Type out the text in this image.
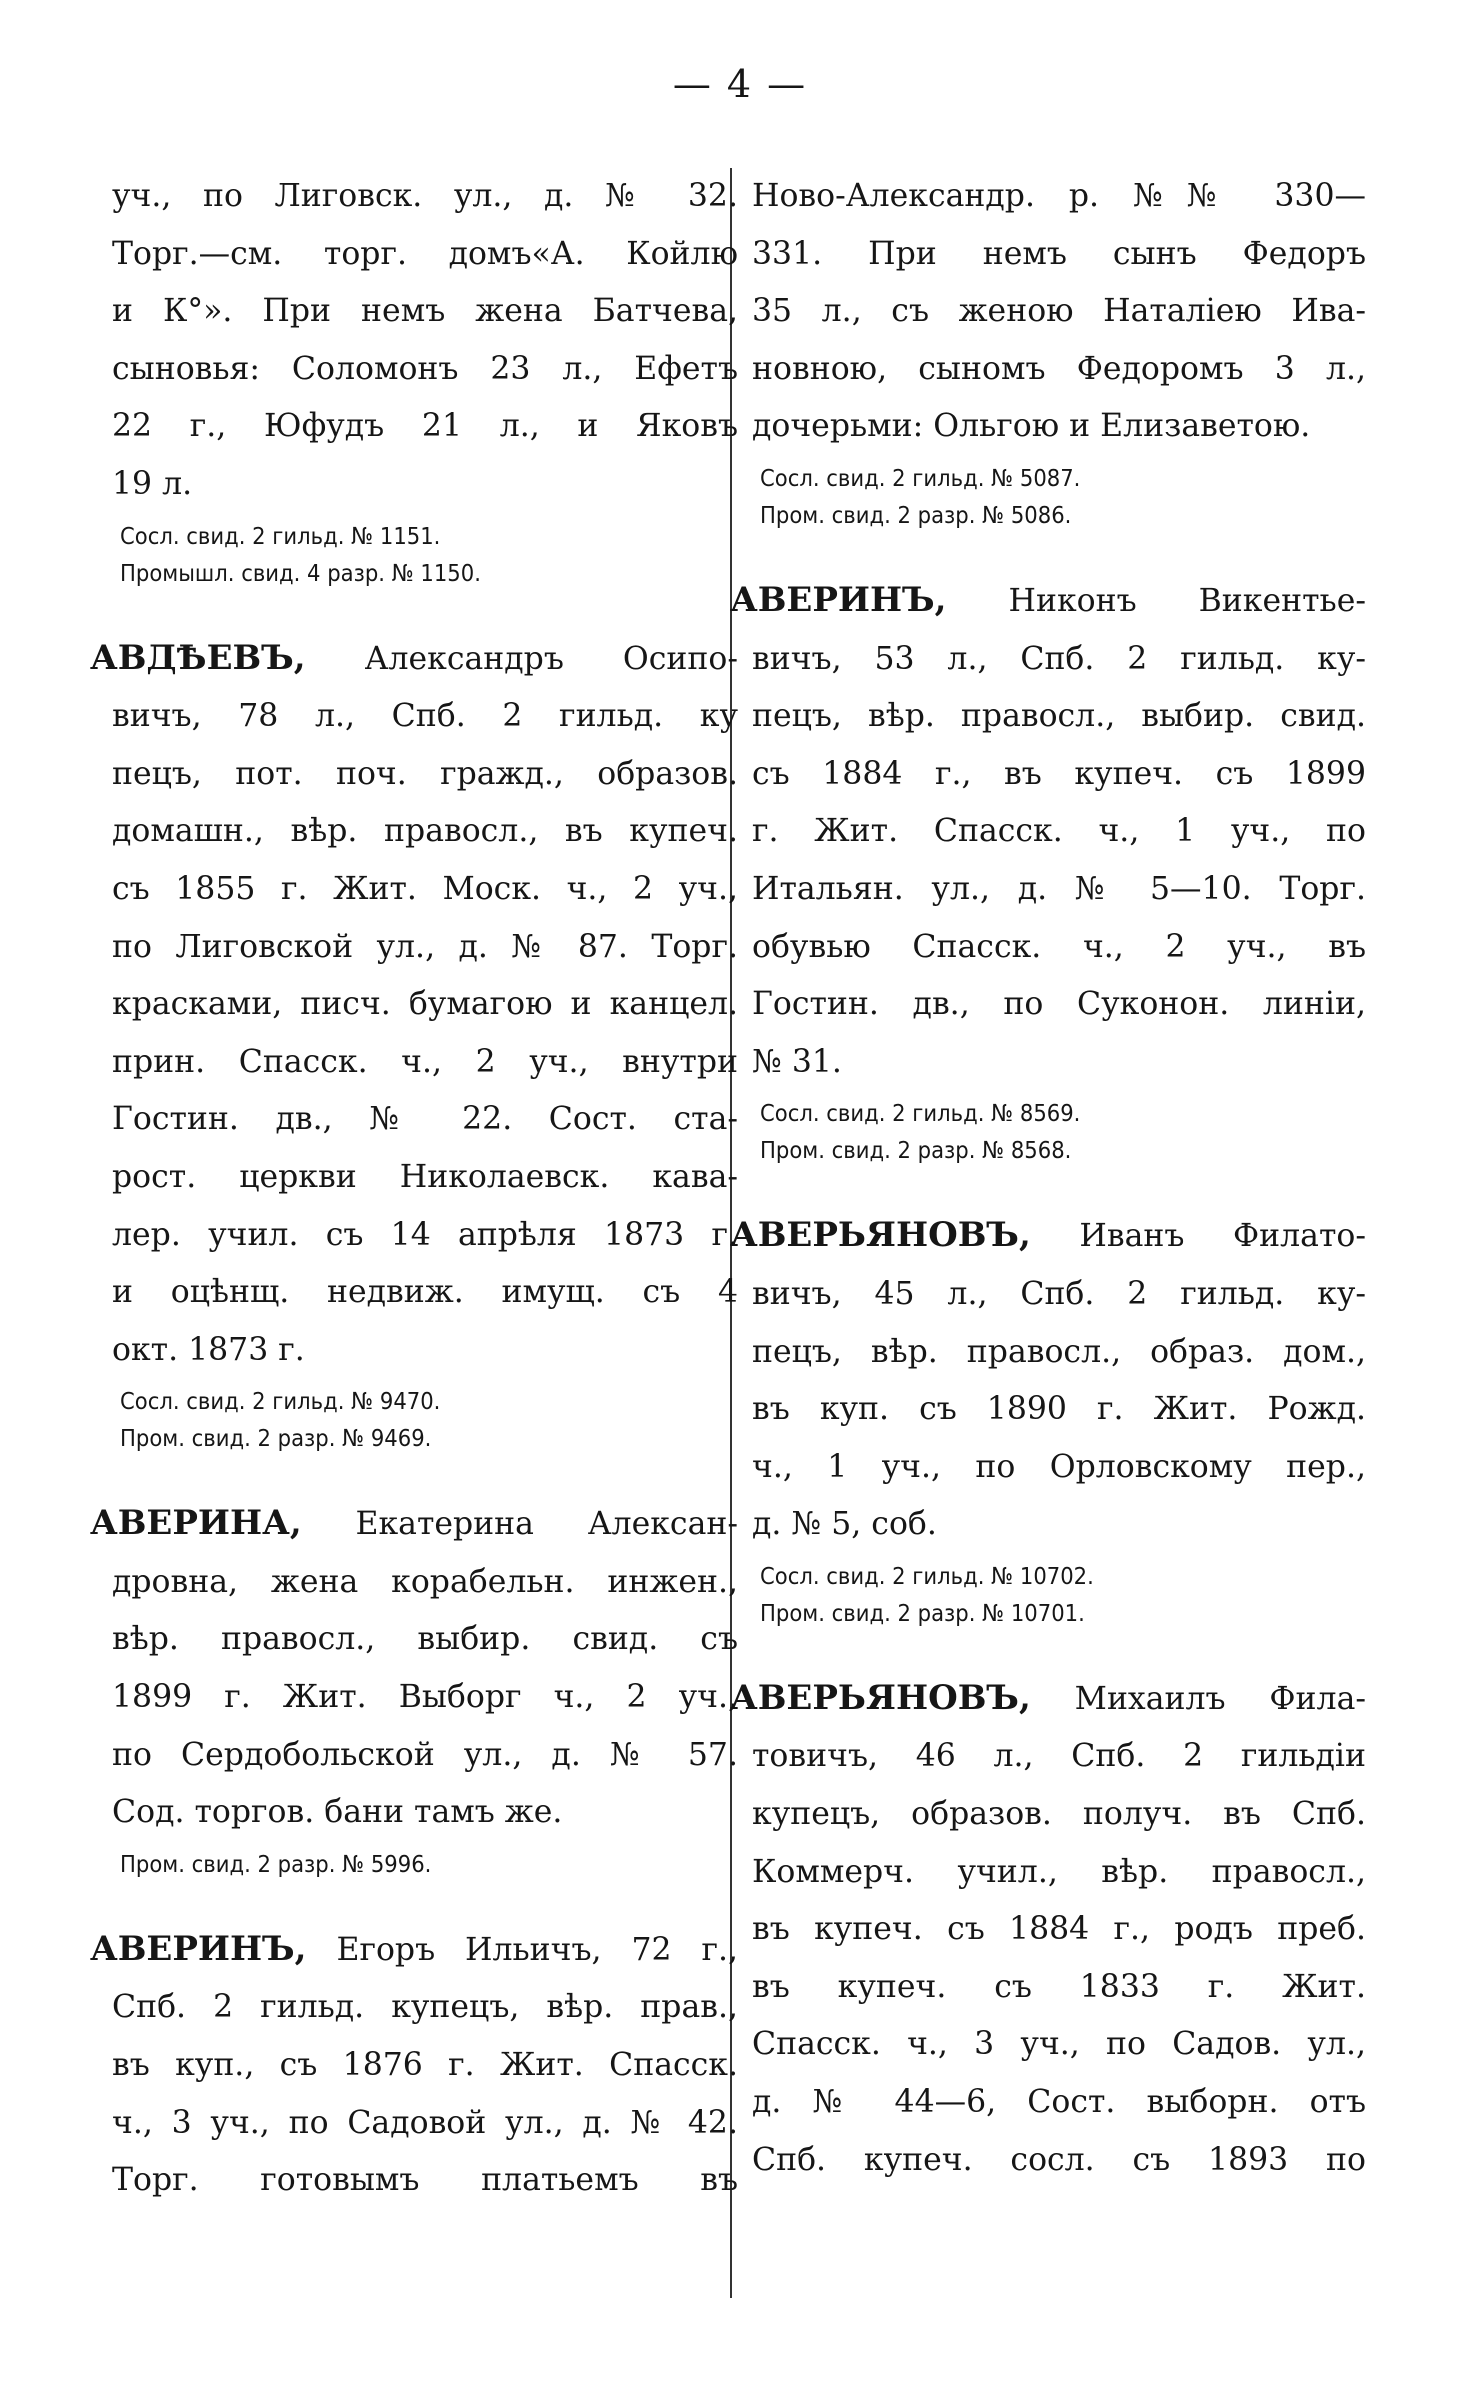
— 4 —
уч., по Лиговск. ул., д. № 32.
Торг.—см. торг. домъ«А. Койлю
и К°». При немъ жена Батчева,
сыновья: Соломонъ 23 л., Ефетъ
22 г., Юфудъ 21 л., и Яковъ
19 л.
Сосл. свид. 2 гильд. № 1151.
Промышл. свид. 4 разр. № 1150.
АВДѢЕВЪ, Александръ Осипо-
вичъ, 78 л., Спб. 2 гильд. ку
пецъ, пот. поч. гражд., образов.
домашн., вѣр. правосл., въ купеч.
съ 1855 г. Жит. Моск. ч., 2 уч.,
по Лиговской ул., д. № 87. Торг.
красками, писч. бумагою и канцел.
прин. Спасск. ч., 2 уч., внутри
Гостин. дв., № 22. Сост. ста-
рост. церкви Николаевск. кава-
лер. учил. съ 14 апрѣля 1873 г.
и оцѣнщ. недвиж. имущ. съ 4
окт. 1873 г.
Сосл. свид. 2 гильд. № 9470.
Пром. свид. 2 разр. № 9469.
АВЕРИНА, Екатерина Алексан-
дровна, жена корабельн. инжен.,
вѣр. правосл., выбир. свид. съ
1899 г. Жит. Выборг ч., 2 уч.,
по Сердобольской ул., д. № 57.
Сод. торгов. бани тамъ же.
Пром. свид. 2 разр. № 5996.
АВЕРИНЪ, Егоръ Ильичъ, 72 г.,
Спб. 2 гильд. купецъ, вѣр. прав.,
въ куп., съ 1876 г. Жит. Спасск.
ч., 3 уч., по Садовой ул., д. № 42.
Торг. готовымъ платьемъ въ
Ново-Александр. р. №№ 330—
331. При немъ сынъ Федоръ
35 л., съ женою Наталіею Ива-
новною, сыномъ Федоромъ 3 л.,
дочерьми: Ольгою и Елизаветою.
Сосл. свид. 2 гильд. № 5087.
Пром. свид. 2 разр. № 5086.
АВЕРИНЪ, Никонъ Викентье-
вичъ, 53 л., Спб. 2 гильд. ку-
пецъ, вѣр. правосл., выбир. свид.
съ 1884 г., въ купеч. съ 1899
г. Жит. Спасск. ч., 1 уч., по
Итальян. ул., д. № 5—10. Торг.
обувью Спасск. ч., 2 уч., въ
Гостин. дв., по Суконон. линіи,
№ 31.
Сосл. свид. 2 гильд. № 8569.
Пром. свид. 2 разр. № 8568.
АВЕРЬЯНОВЪ, Иванъ Филато-
вичъ, 45 л., Спб. 2 гильд. ку-
пецъ, вѣр. правосл., образ. дом.,
въ куп. съ 1890 г. Жит. Рожд.
ч., 1 уч., по Орловскому пер.,
д. № 5, соб.
Сосл. свид. 2 гильд. № 10702.
Пром. свид. 2 разр. № 10701.
АВЕРЬЯНОВЪ, Михаилъ Фила-
товичъ, 46 л., Спб. 2 гильдіи
купецъ, образов. получ. въ Спб.
Коммерч. учил., вѣр. правосл.,
въ купеч. съ 1884 г., родъ преб.
въ купеч. съ 1833 г. Жит.
Спасск. ч., 3 уч., по Садов. ул.,
д. № 44—6, Сост. выборн. отъ
Спб. купеч. сосл. съ 1893 по
